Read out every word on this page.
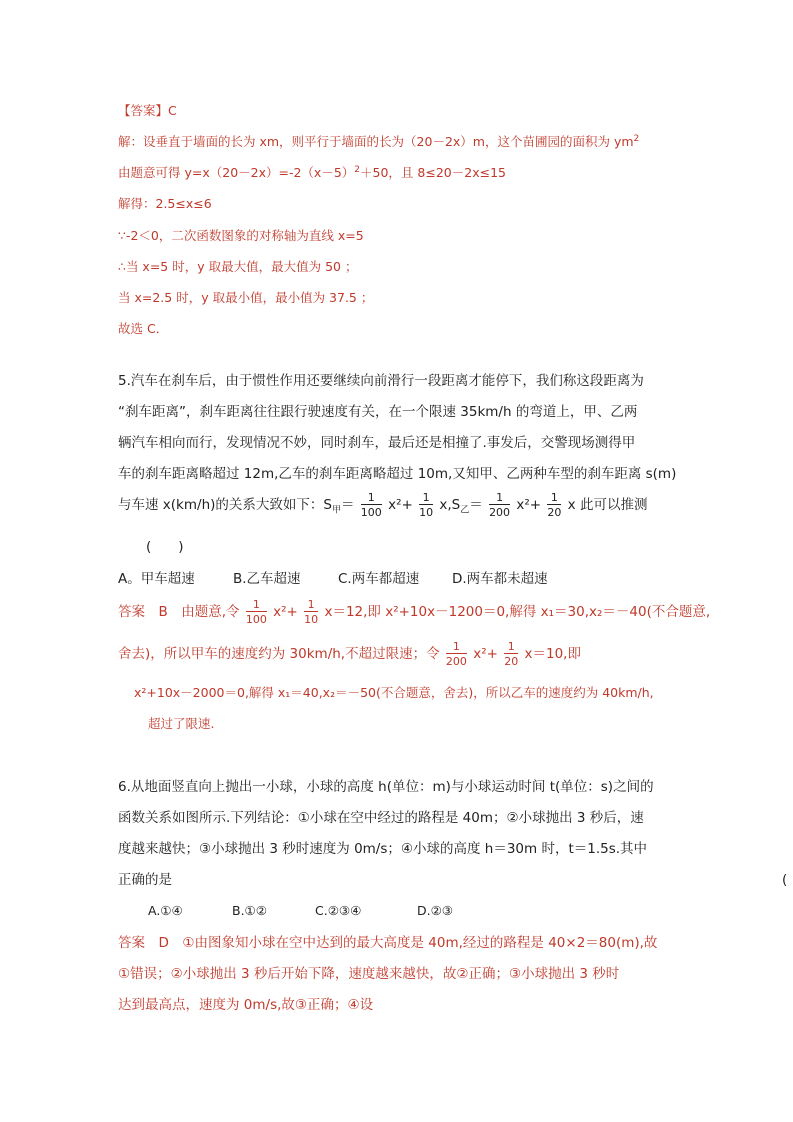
【答案】C
解：设垂直于墙面的长为 xm，则平行于墙面的长为（20－2x）m，这个苗圃园的面积为 $ym^2$
由题意可得 $y=x(20-2x)=-2(x-5)^2+50$，且 8≤20－2x≤15
解得：2.5≤x≤6
∵-2＜0，二次函数图象的对称轴为直线 x=5
∴当 x=5 时，y 取最大值，最大值为 50 ；
当 x=2.5 时，y 取最小值，最小值为 37.5 ；
故选 C．
5.汽车在刹车后，由于惯性作用还要继续向前滑行一段距离才能停下，我们称这段距离为
“刹车距离”，刹车距离往往跟行驶速度有关，在一个限速 35km/h 的弯道上，甲、乙两
辆汽车相向而行，发现情况不妙，同时刹车，最后还是相撞了.事发后，交警现场测得甲
车的刹车距离略超过 12m,乙车的刹车距离略超过 10m,又知甲、乙两种车型的刹车距离 s(m)
与车速 x(km/h)的关系大致如下：$S_甲= \frac{1}{100} x^2+ \frac{1}{10} x,S_乙= \frac{1}{200} x^2+ \frac{1}{20}$ x 此可以推测
(　　)
A。甲车超速	B.乙车超速	C.两车都超速 D.两车都未超速
答案　B　由题意,令 $\frac{1}{100} x^2+ \frac{1}{10} x=12$,即 x²+10x－1200＝0,解得 x₁＝30,x₂＝－40(不合题意,
舍去)，所以甲车的速度约为 30km/h,不超过限速；令 $\frac{1}{200} x^2+ \frac{1}{20} x=10$,即
x²+10x－2000＝0,解得 x₁＝40,x₂＝－50(不合题意，舍去)，所以乙车的速度约为 40km/h,
超过了限速.
6.从地面竖直向上抛出一小球，小球的高度 h(单位：m)与小球运动时间 t(单位：s)之间的
函数关系如图所示.下列结论：①小球在空中经过的路程是 40m；②小球抛出 3 秒后，速
度越来越快；③小球抛出 3 秒时速度为 0m/s；④小球的高度 h＝30m 时，t＝1.5s.其中
正确的是	(
A.①④	B.①②	C.②③④	D.②③
答案　D　①由图象知小球在空中达到的最大高度是 40m,经过的路程是 40×2＝80(m),故
①错误；②小球抛出 3 秒后开始下降，速度越来越快，故②正确；③小球抛出 3 秒时
达到最高点，速度为 0m/s,故③正确；④设
